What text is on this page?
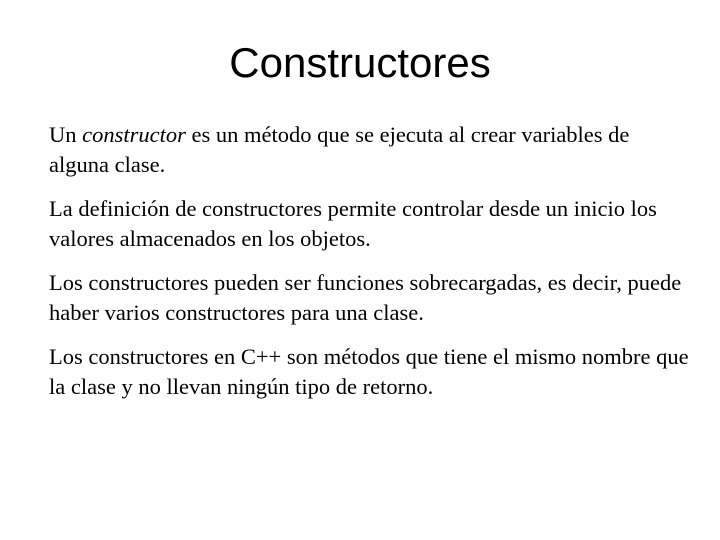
Constructores

Un constructor es un método que se ejecuta al crear variables de alguna clase.

La definición de constructores permite controlar desde un inicio los valores almacenados en los objetos.

Los constructores pueden ser funciones sobrecargadas, es decir, puede haber varios constructores para una clase.

Los constructores en C++ son métodos que tiene el mismo nombre que la clase y no llevan ningún tipo de retorno.
